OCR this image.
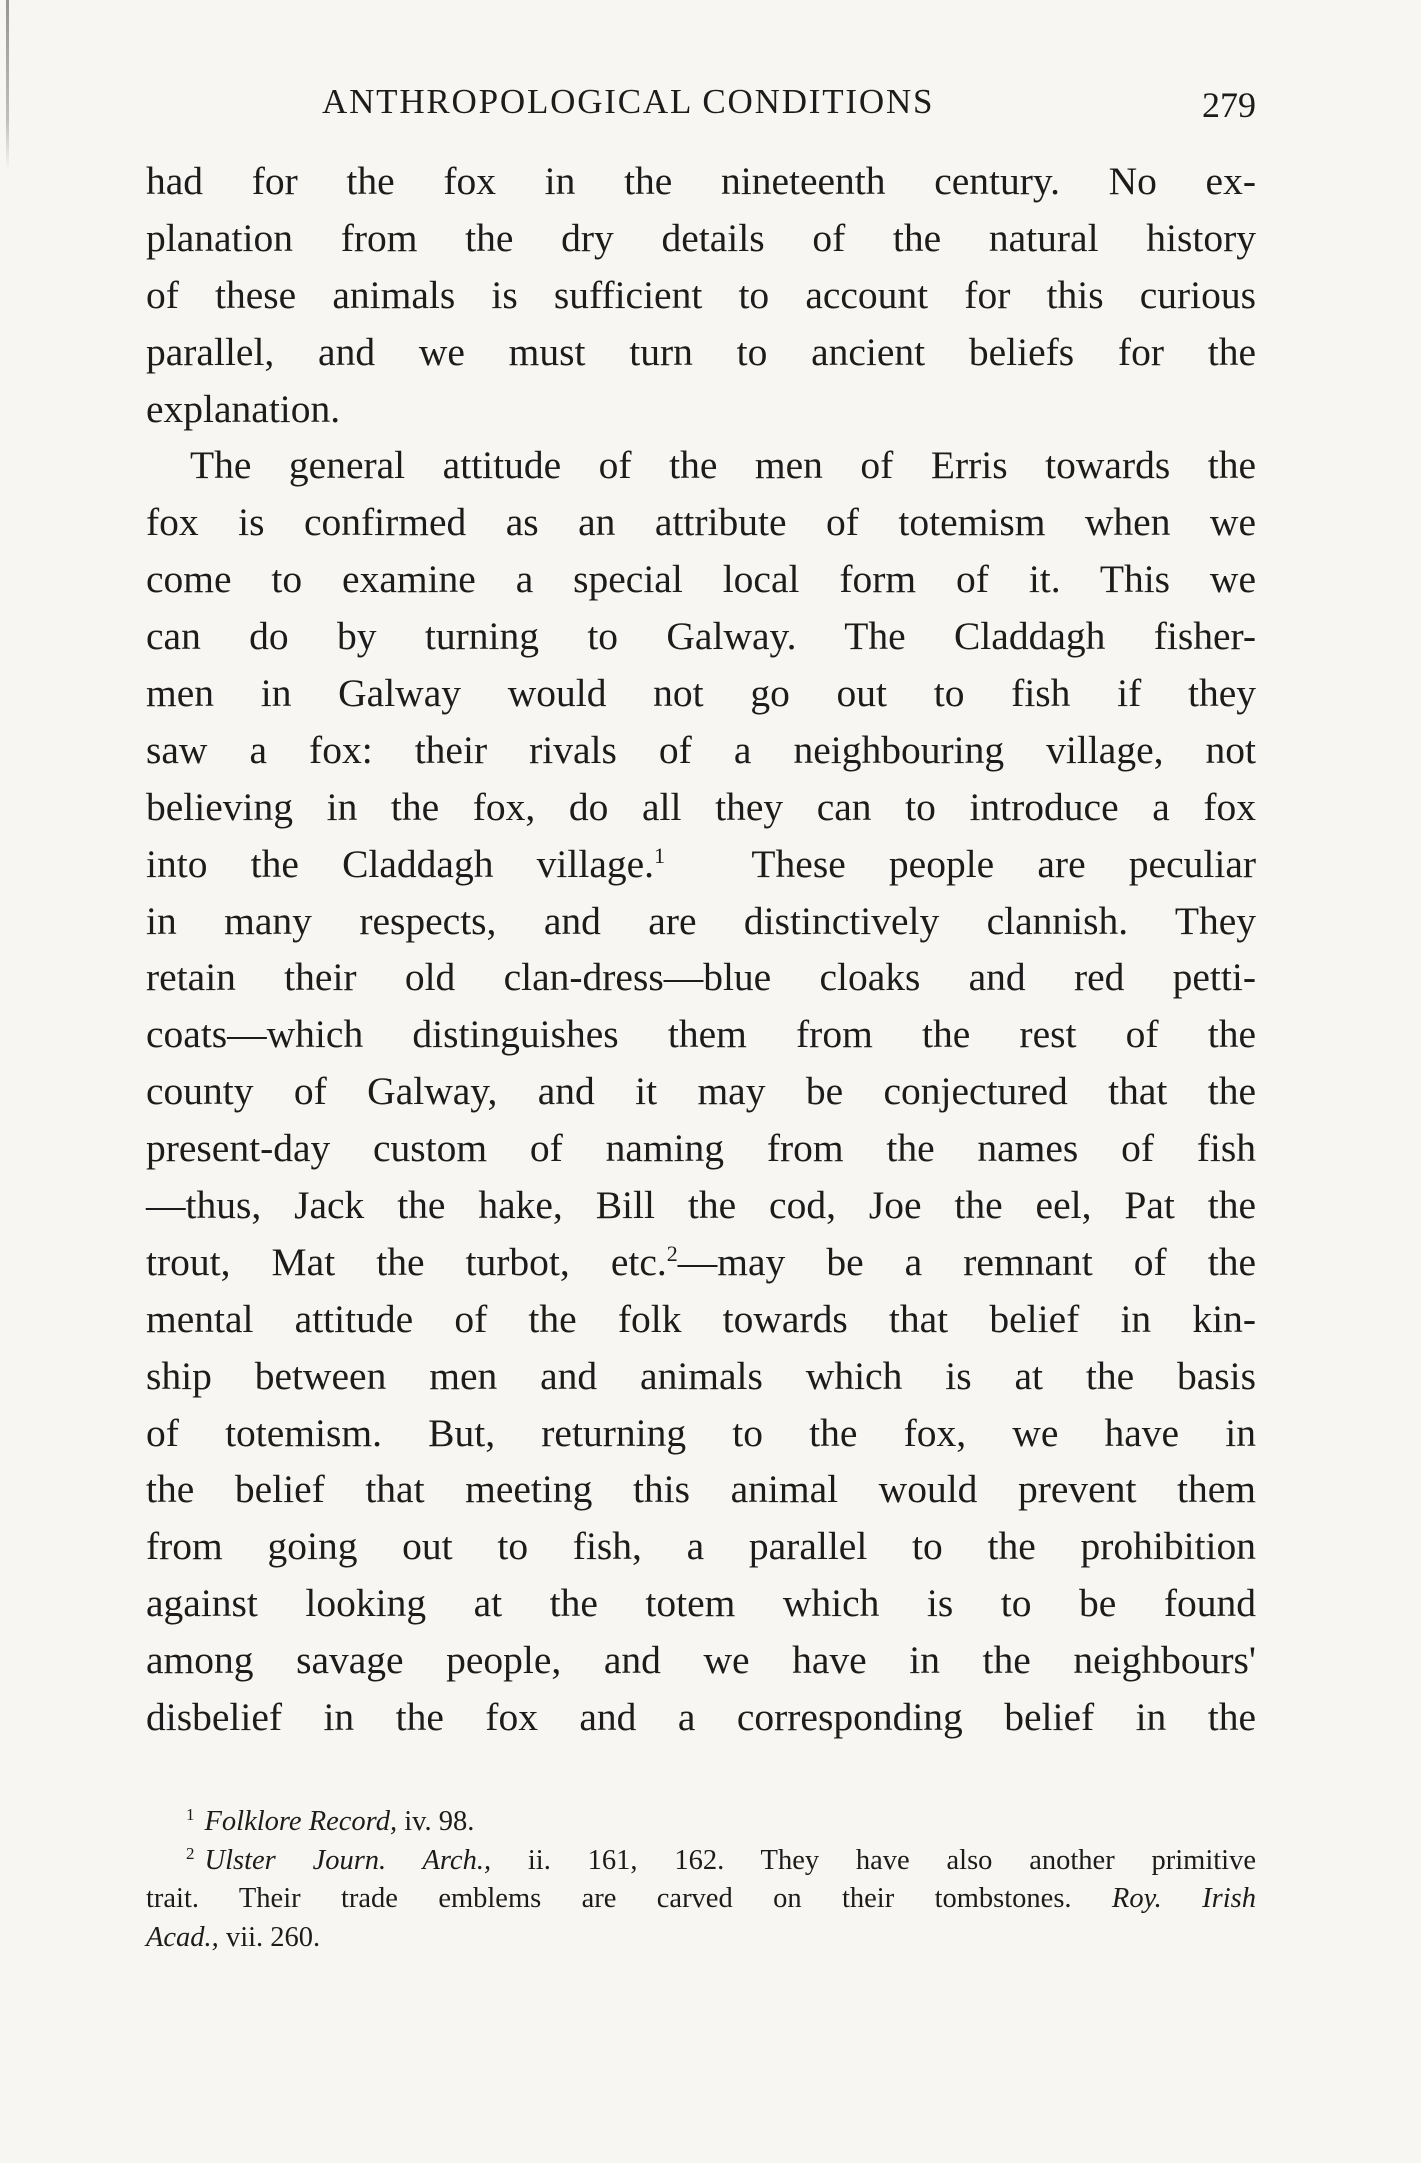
ANTHROPOLOGICAL CONDITIONS	279
had for the fox in the nineteenth century. No ex-
planation from the dry details of the natural history
of these animals is sufficient to account for this curious
parallel, and we must turn to ancient beliefs for the
explanation.
The general attitude of the men of Erris towards the
fox is confirmed as an attribute of totemism when we
come to examine a special local form of it. This we
can do by turning to Galway. The Claddagh fisher-
men in Galway would not go out to fish if they
saw a fox: their rivals of a neighbouring village, not
believing in the fox, do all they can to introduce a fox
into the Claddagh village.$^1$ These people are peculiar
in many respects, and are distinctively clannish. They
retain their old clan-dress—blue cloaks and red petti-
coats—which distinguishes them from the rest of the
county of Galway, and it may be conjectured that the
present-day custom of naming from the names of fish
—thus, Jack the hake, Bill the cod, Joe the eel, Pat the
trout, Mat the turbot, etc.$^2$—may be a remnant of the
mental attitude of the folk towards that belief in kin-
ship between men and animals which is at the basis
of totemism. But, returning to the fox, we have in
the belief that meeting this animal would prevent them
from going out to fish, a parallel to the prohibition
against looking at the totem which is to be found
among savage people, and we have in the neighbours'
disbelief in the fox and a corresponding belief in the
$^1$ Folklore Record, iv. 98.
$^2$ Ulster Journ. Arch., ii. 161, 162. They have also another primitive
trait. Their trade emblems are carved on their tombstones. Roy. Irish
Acad., vii. 260.
